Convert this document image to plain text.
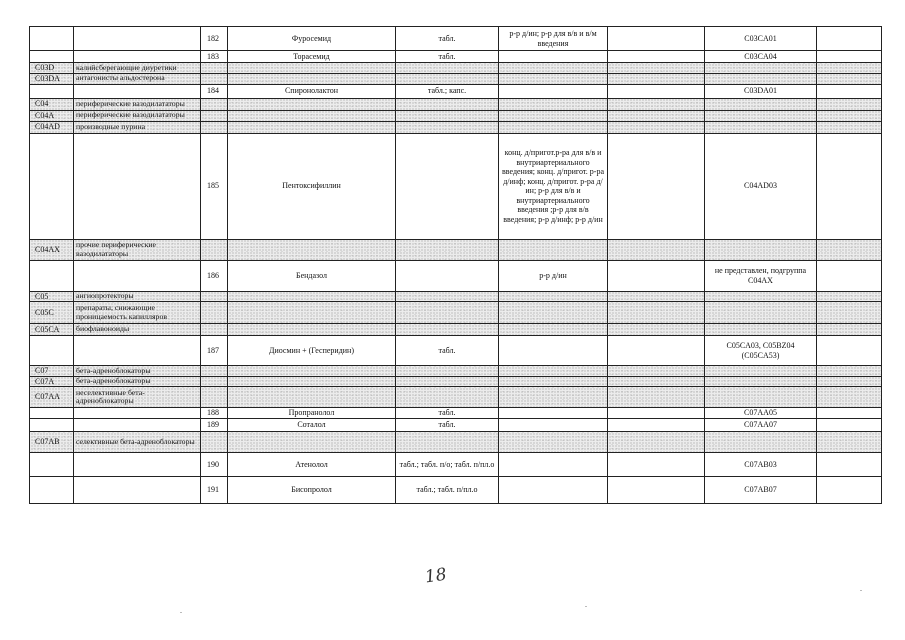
		182	Фуросемид	табл.	р-р д/ин; р-р для в/в и в/м введения		C03CA01	
		183	Торасемид	табл.			C03CA04	
C03D	калийсберегающие диуретики							
C03DA	антагонисты альдостерона							
		184	Спиронолактон	табл.; капс.			C03DA01	
C04	периферические вазодилататоры							
C04A	периферические вазодилататоры							
C04AD	производные пурина							
		185	Пентоксифиллин		конц. д/пригот.р-ра для в/в и внутриартериального введения; конц. д/пригот. р-ра д/инф; конц. д/пригот. р-ра д/ин; р-р для в/в и внутриартериального введения ;р-р для в/в введения; р-р д/инф; р-р д/ин		C04AD03	
C04AX	прочие периферические вазодилататоры							
		186	Бендазол		р-р д/ин		не представлен, подгруппа C04AX	
C05	ангиопротекторы							
C05C	препараты, снижающие проницаемость капилляров							
C05CA	биофлавоноиды							
		187	Диосмин + (Гесперидин)	табл.			C05CA03, C05BZ04 (C05CA53)	
C07	бета-адреноблокаторы							
C07A	бета-адреноблокаторы							
C07AA	неселективные бета-адреноблокаторы							
		188	Пропранолол	табл.			C07AA05	
		189	Соталол	табл.			C07AA07	
C07AB	селективные бета-адреноблокаторы							
		190	Атенолол	табл.; табл. п/о; табл. п/пл.о			C07AB03	
		191	Бисопролол	табл.; табл. п/пл.о			C07AB07	
18
